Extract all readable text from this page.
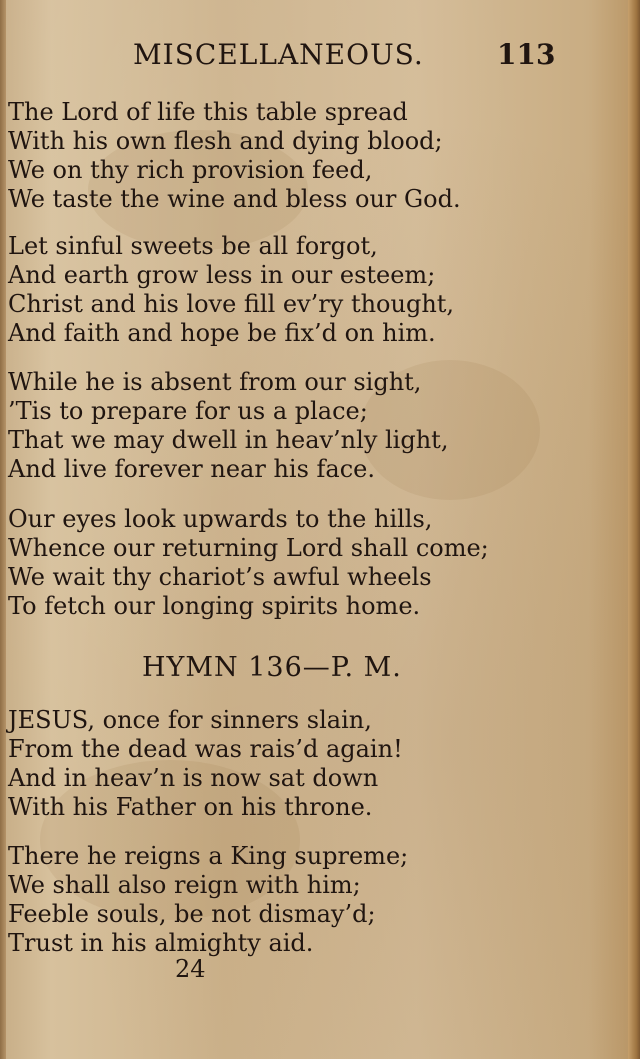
MISCELLANEOUS.	113
The Lord of life this table spread
With his own flesh and dying blood;
We on thy rich provision feed,
We taste the wine and bless our God.
Let sinful sweets be all forgot,
And earth grow less in our esteem;
Christ and his love fill ev’ry thought,
And faith and hope be fix’d on him.
While he is absent from our sight,
’Tis to prepare for us a place;
That we may dwell in heav’nly light,
And live forever near his face.
Our eyes look upwards to the hills,
Whence our returning Lord shall come;
We wait thy chariot’s awful wheels
To fetch our longing spirits home.
HYMN 136—P. M.
JESUS, once for sinners slain,
From the dead was rais’d again!
And in heav’n is now sat down
With his Father on his throne.
There he reigns a King supreme;
We shall also reign with him;
Feeble souls, be not dismay’d;
Trust in his almighty aid.
24
